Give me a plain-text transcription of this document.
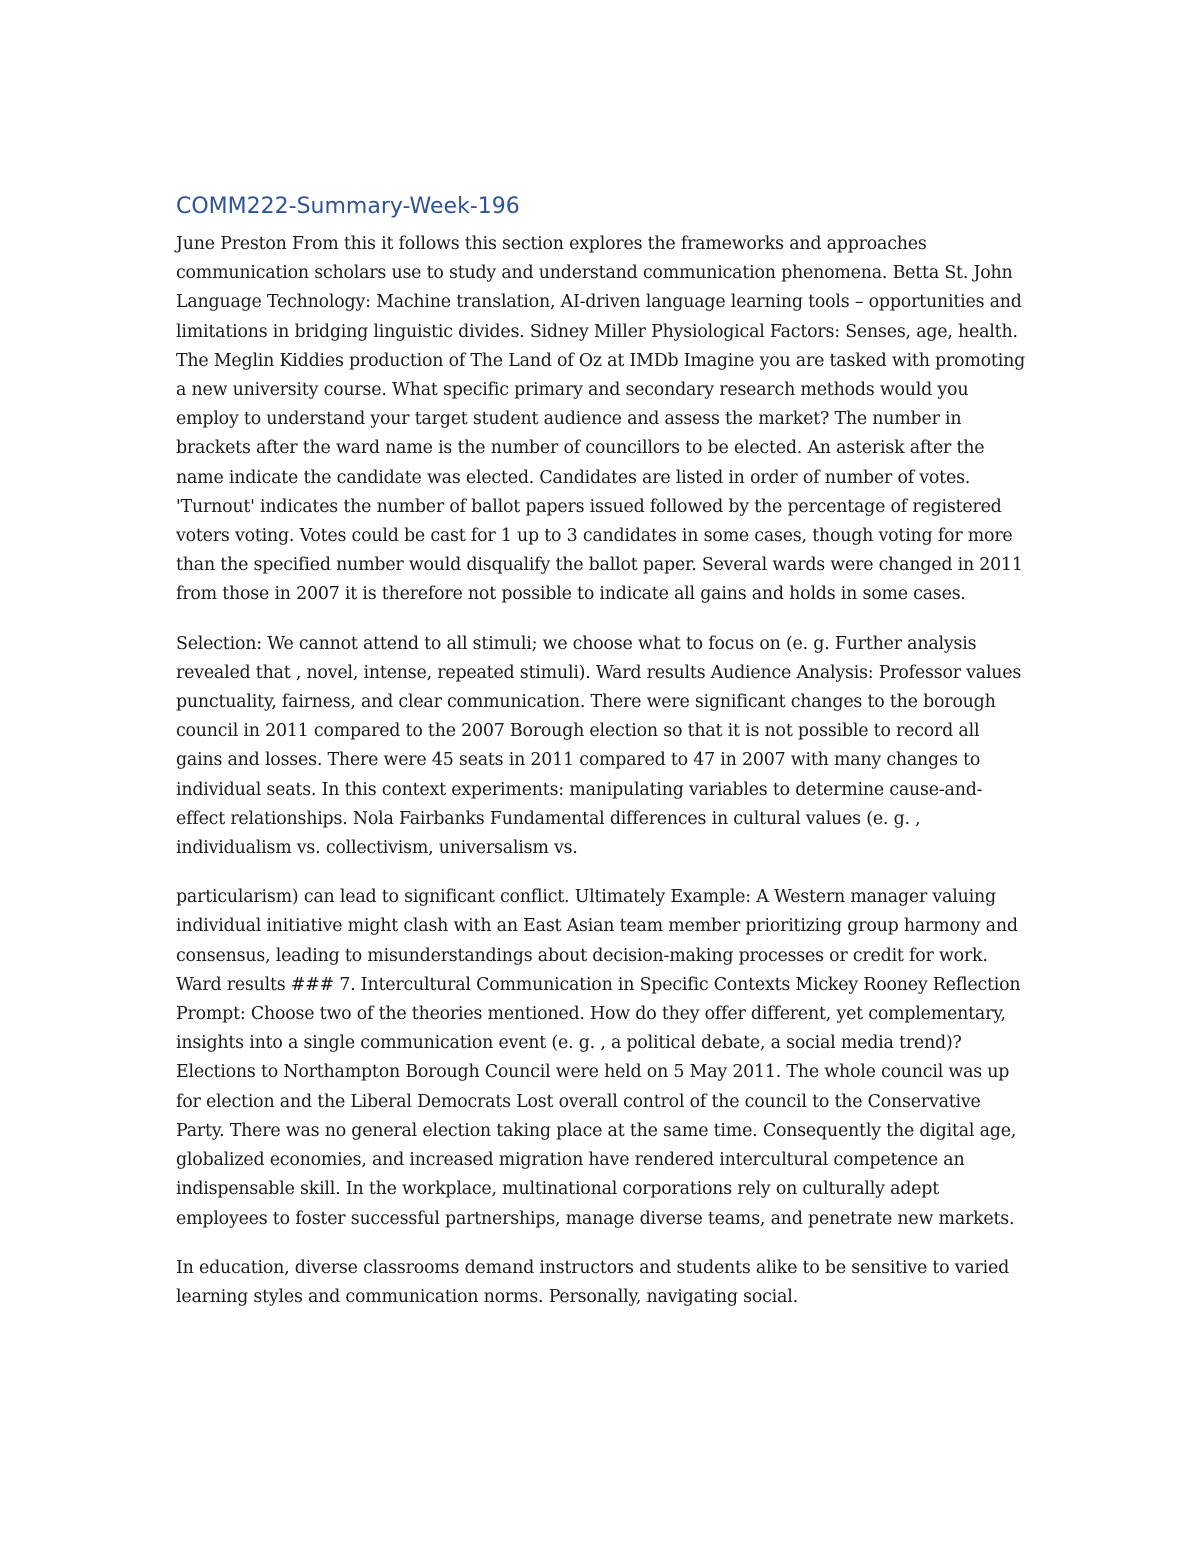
COMM222-Summary-Week-196

June Preston From this it follows this section explores the frameworks and approaches communication scholars use to study and understand communication phenomena. Betta St. John Language Technology: Machine translation, AI-driven language learning tools – opportunities and limitations in bridging linguistic divides. Sidney Miller Physiological Factors: Senses, age, health. The Meglin Kiddies production of The Land of Oz at IMDb Imagine you are tasked with promoting a new university course. What specific primary and secondary research methods would you employ to understand your target student audience and assess the market? The number in brackets after the ward name is the number of councillors to be elected. An asterisk after the name indicate the candidate was elected. Candidates are listed in order of number of votes. 'Turnout' indicates the number of ballot papers issued followed by the percentage of registered voters voting. Votes could be cast for 1 up to 3 candidates in some cases, though voting for more than the specified number would disqualify the ballot paper. Several wards were changed in 2011 from those in 2007 it is therefore not possible to indicate all gains and holds in some cases.

Selection: We cannot attend to all stimuli; we choose what to focus on (e. g. Further analysis revealed that , novel, intense, repeated stimuli). Ward results Audience Analysis: Professor values punctuality, fairness, and clear communication. There were significant changes to the borough council in 2011 compared to the 2007 Borough election so that it is not possible to record all gains and losses. There were 45 seats in 2011 compared to 47 in 2007 with many changes to individual seats. In this context experiments: manipulating variables to determine cause-and-effect relationships. Nola Fairbanks Fundamental differences in cultural values (e. g. , individualism vs. collectivism, universalism vs.

particularism) can lead to significant conflict. Ultimately Example: A Western manager valuing individual initiative might clash with an East Asian team member prioritizing group harmony and consensus, leading to misunderstandings about decision-making processes or credit for work. Ward results ### 7. Intercultural Communication in Specific Contexts Mickey Rooney Reflection Prompt: Choose two of the theories mentioned. How do they offer different, yet complementary, insights into a single communication event (e. g. , a political debate, a social media trend)? Elections to Northampton Borough Council were held on 5 May 2011. The whole council was up for election and the Liberal Democrats Lost overall control of the council to the Conservative Party. There was no general election taking place at the same time. Consequently the digital age, globalized economies, and increased migration have rendered intercultural competence an indispensable skill. In the workplace, multinational corporations rely on culturally adept employees to foster successful partnerships, manage diverse teams, and penetrate new markets.

In education, diverse classrooms demand instructors and students alike to be sensitive to varied learning styles and communication norms. Personally, navigating social.
